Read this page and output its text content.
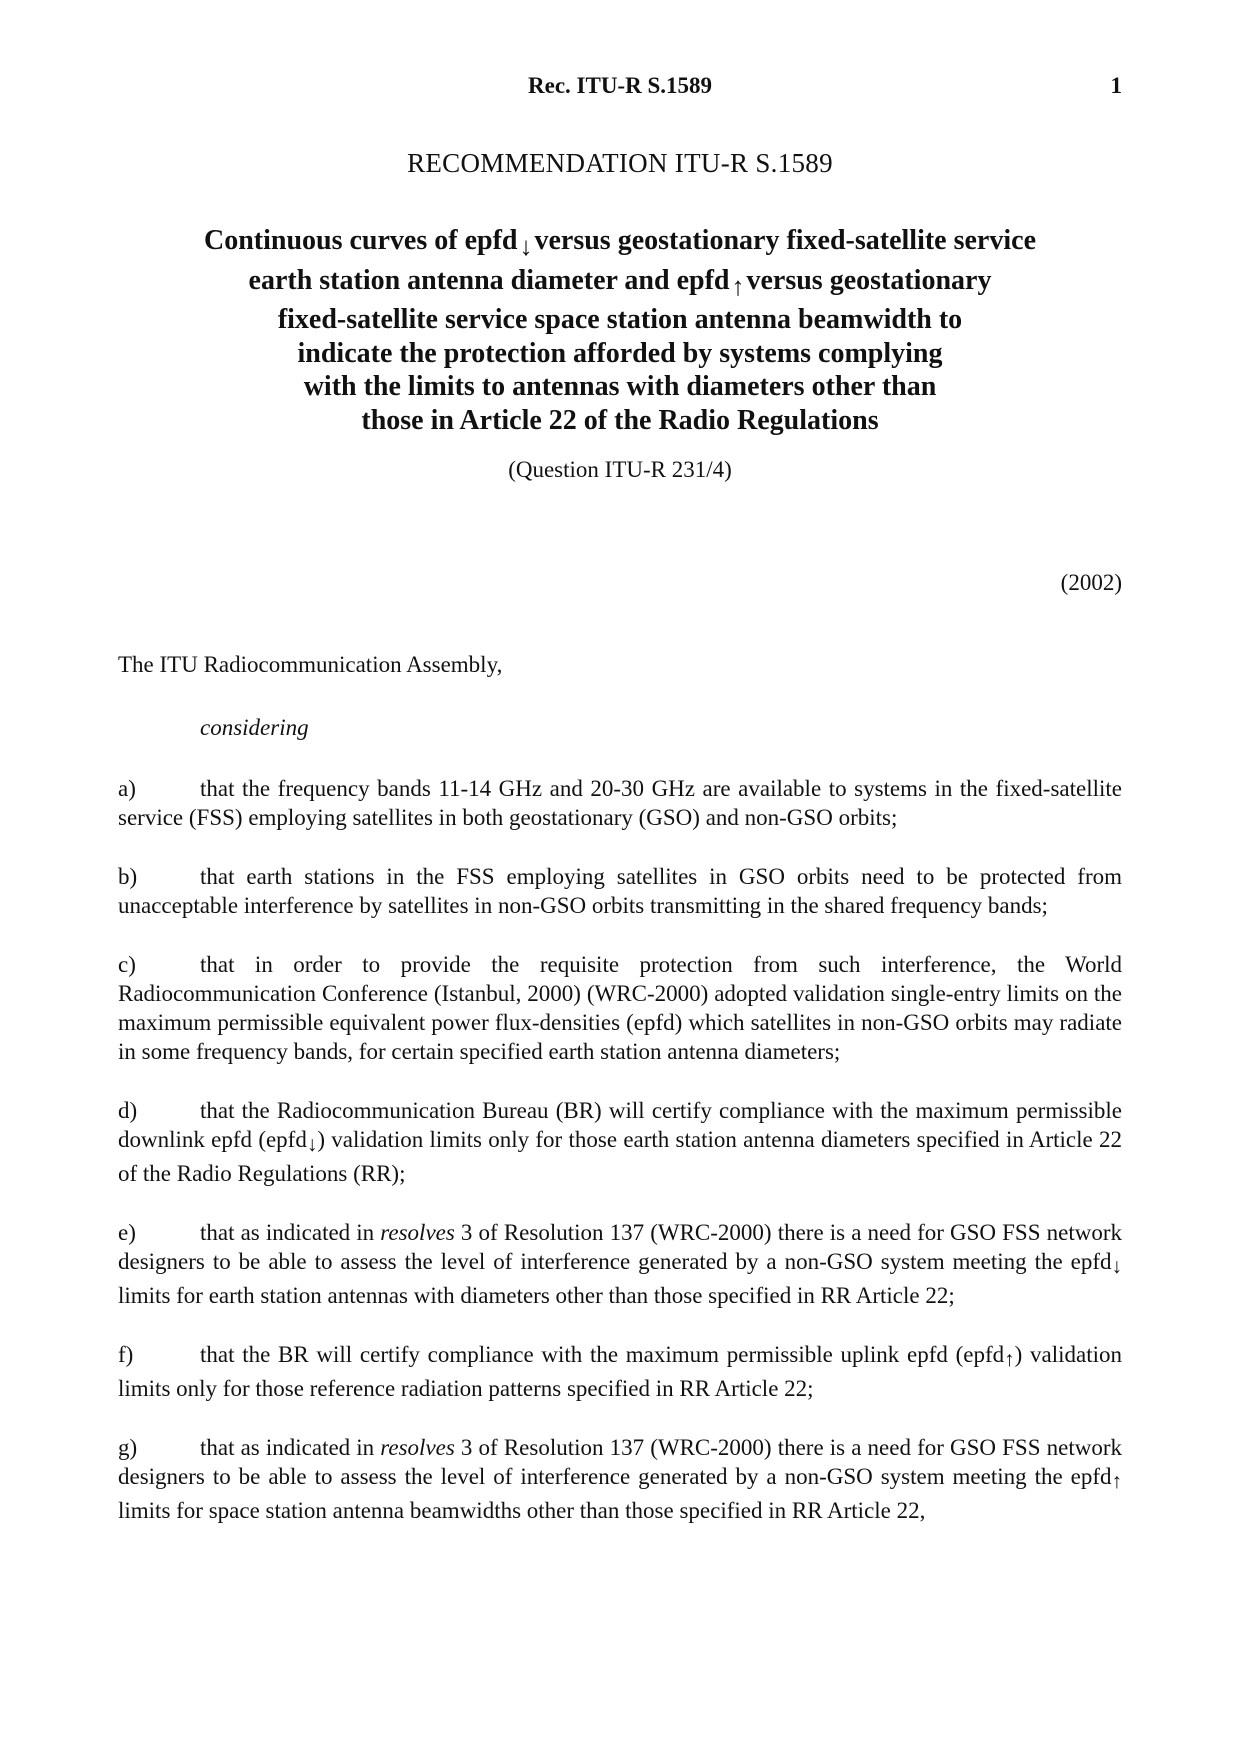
Rec. ITU-R S.1589	1
RECOMMENDATION ITU-R S.1589
Continuous curves of epfd↓versus geostationary fixed-satellite service
earth station antenna diameter and epfd↑versus geostationary
fixed-satellite service space station antenna beamwidth to
indicate the protection afforded by systems complying
with the limits to antennas with diameters other than
those in Article 22 of the Radio Regulations
(Question ITU-R 231/4)
(2002)
The ITU Radiocommunication Assembly,
considering

a)	that the frequency bands 11-14 GHz and 20-30 GHz are available to systems in the fixed-satellite service (FSS) employing satellites in both geostationary (GSO) and non-GSO orbits;

b)	that earth stations in the FSS employing satellites in GSO orbits need to be protected from unacceptable interference by satellites in non-GSO orbits transmitting in the shared frequency bands;

c)	that in order to provide the requisite protection from such interference, the World Radiocommunication Conference (Istanbul, 2000) (WRC-2000) adopted validation single-entry limits on the maximum permissible equivalent power flux-densities (epfd) which satellites in non-GSO orbits may radiate in some frequency bands, for certain specified earth station antenna diameters;

d)	that the Radiocommunication Bureau (BR) will certify compliance with the maximum permissible downlink epfd (epfd↓) validation limits only for those earth station antenna diameters specified in Article 22 of the Radio Regulations (RR);

e)	that as indicated in resolves 3 of Resolution 137 (WRC-2000) there is a need for GSO FSS network designers to be able to assess the level of interference generated by a non-GSO system meeting the epfd↓ limits for earth station antennas with diameters other than those specified in RR Article 22;

f)	that the BR will certify compliance with the maximum permissible uplink epfd (epfd↑) validation limits only for those reference radiation patterns specified in RR Article 22;

g)	that as indicated in resolves 3 of Resolution 137 (WRC-2000) there is a need for GSO FSS network designers to be able to assess the level of interference generated by a non-GSO system meeting the epfd↑ limits for space station antenna beamwidths other than those specified in RR Article 22,
